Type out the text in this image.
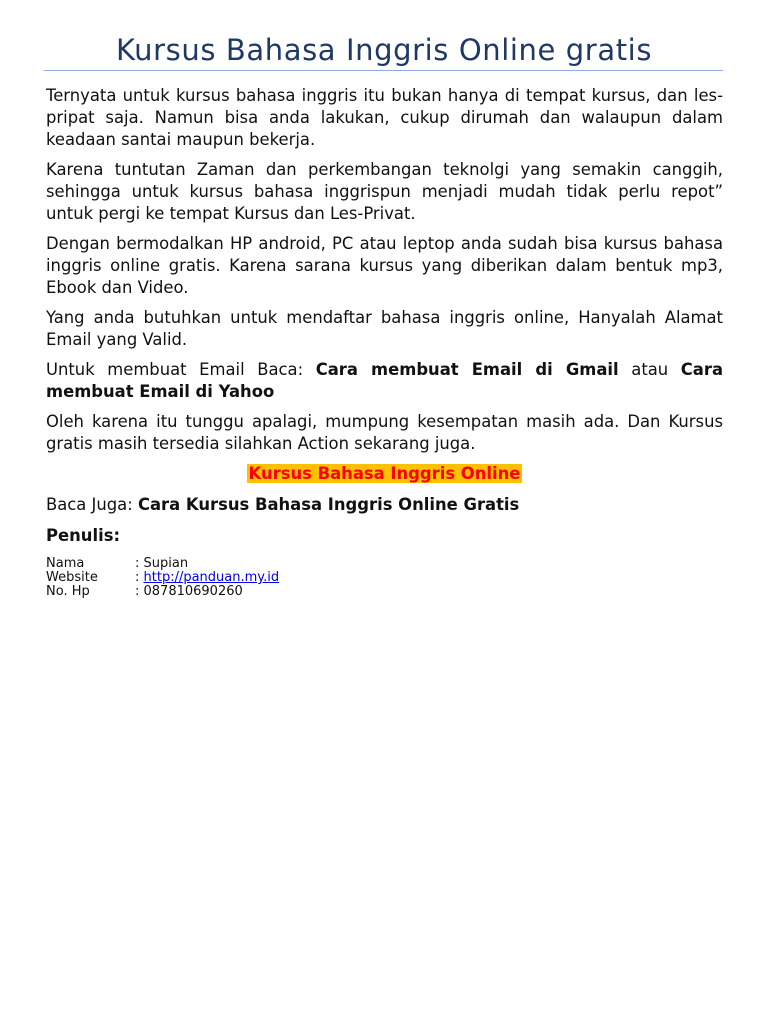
Kursus Bahasa Inggris Online gratis

Ternyata untuk kursus bahasa inggris itu bukan hanya di tempat kursus, dan les-pripat saja. Namun bisa anda lakukan, cukup dirumah dan walaupun dalam keadaan santai maupun bekerja.

Karena tuntutan Zaman dan perkembangan teknolgi yang semakin canggih, sehingga untuk kursus bahasa inggrispun menjadi mudah tidak perlu repot” untuk pergi ke tempat Kursus dan Les-Privat.

Dengan bermodalkan HP android, PC atau leptop anda sudah bisa kursus bahasa inggris online gratis. Karena sarana kursus yang diberikan dalam bentuk mp3, Ebook dan Video.

Yang anda butuhkan untuk mendaftar bahasa inggris online, Hanyalah Alamat Email yang Valid.

Untuk membuat Email Baca: Cara membuat Email di Gmail atau Cara membuat Email di Yahoo

Oleh karena itu tunggu apalagi, mumpung kesempatan masih ada. Dan Kursus gratis masih tersedia silahkan Action sekarang juga.

Kursus Bahasa Inggris Online

Baca Juga: Cara Kursus Bahasa Inggris Online Gratis

Penulis:
Nama	: Supian
Website	: http://panduan.my.id
No. Hp	: 087810690260
